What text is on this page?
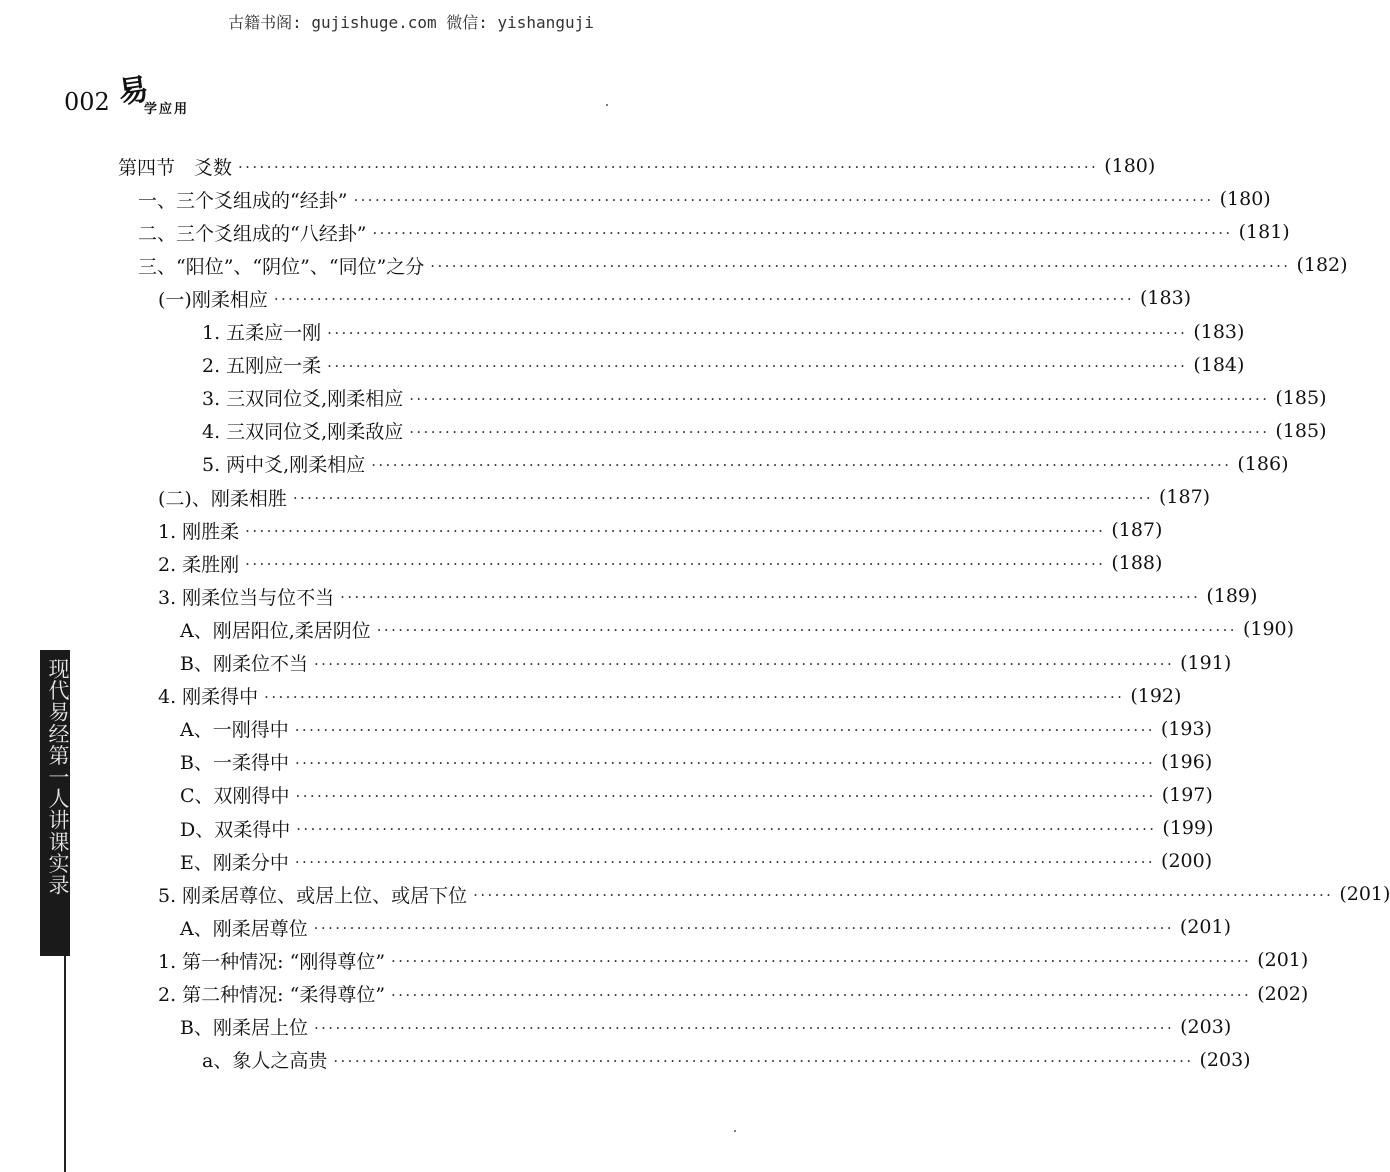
古籍书阁: gujishuge.com 微信: yishanguji
002 易
学应用
第四节　爻数 ························································································································ (180)
一、三个爻组成的“经卦” ························································································································ (180)
二、三个爻组成的“八经卦” ························································································································ (181)
三、“阳位”、“阴位”、“同位”之分 ························································································································ (182)
(一)刚柔相应 ························································································································ (183)
1. 五柔应一刚 ························································································································ (183)
2. 五刚应一柔 ························································································································ (184)
3. 三双同位爻,刚柔相应 ························································································································ (185)
4. 三双同位爻,刚柔敌应 ························································································································ (185)
5. 两中爻,刚柔相应 ························································································································ (186)
(二)、刚柔相胜 ························································································································ (187)
1. 刚胜柔 ························································································································ (187)
2. 柔胜刚 ························································································································ (188)
3. 刚柔位当与位不当 ························································································································ (189)
A、刚居阳位,柔居阴位 ························································································································ (190)
B、刚柔位不当 ························································································································ (191)
4. 刚柔得中 ························································································································ (192)
A、一刚得中 ························································································································ (193)
B、一柔得中 ························································································································ (196)
C、双刚得中 ························································································································ (197)
D、双柔得中 ························································································································ (199)
E、刚柔分中 ························································································································ (200)
5. 刚柔居尊位、或居上位、或居下位 ························································································································ (201)
A、刚柔居尊位 ························································································································ (201)
1. 第一种情况: “刚得尊位” ························································································································ (201)
2. 第二种情况: “柔得尊位” ························································································································ (202)
B、刚柔居上位 ························································································································ (203)
a、象人之高贵 ························································································································ (203)
现代易经第一人讲课实录
